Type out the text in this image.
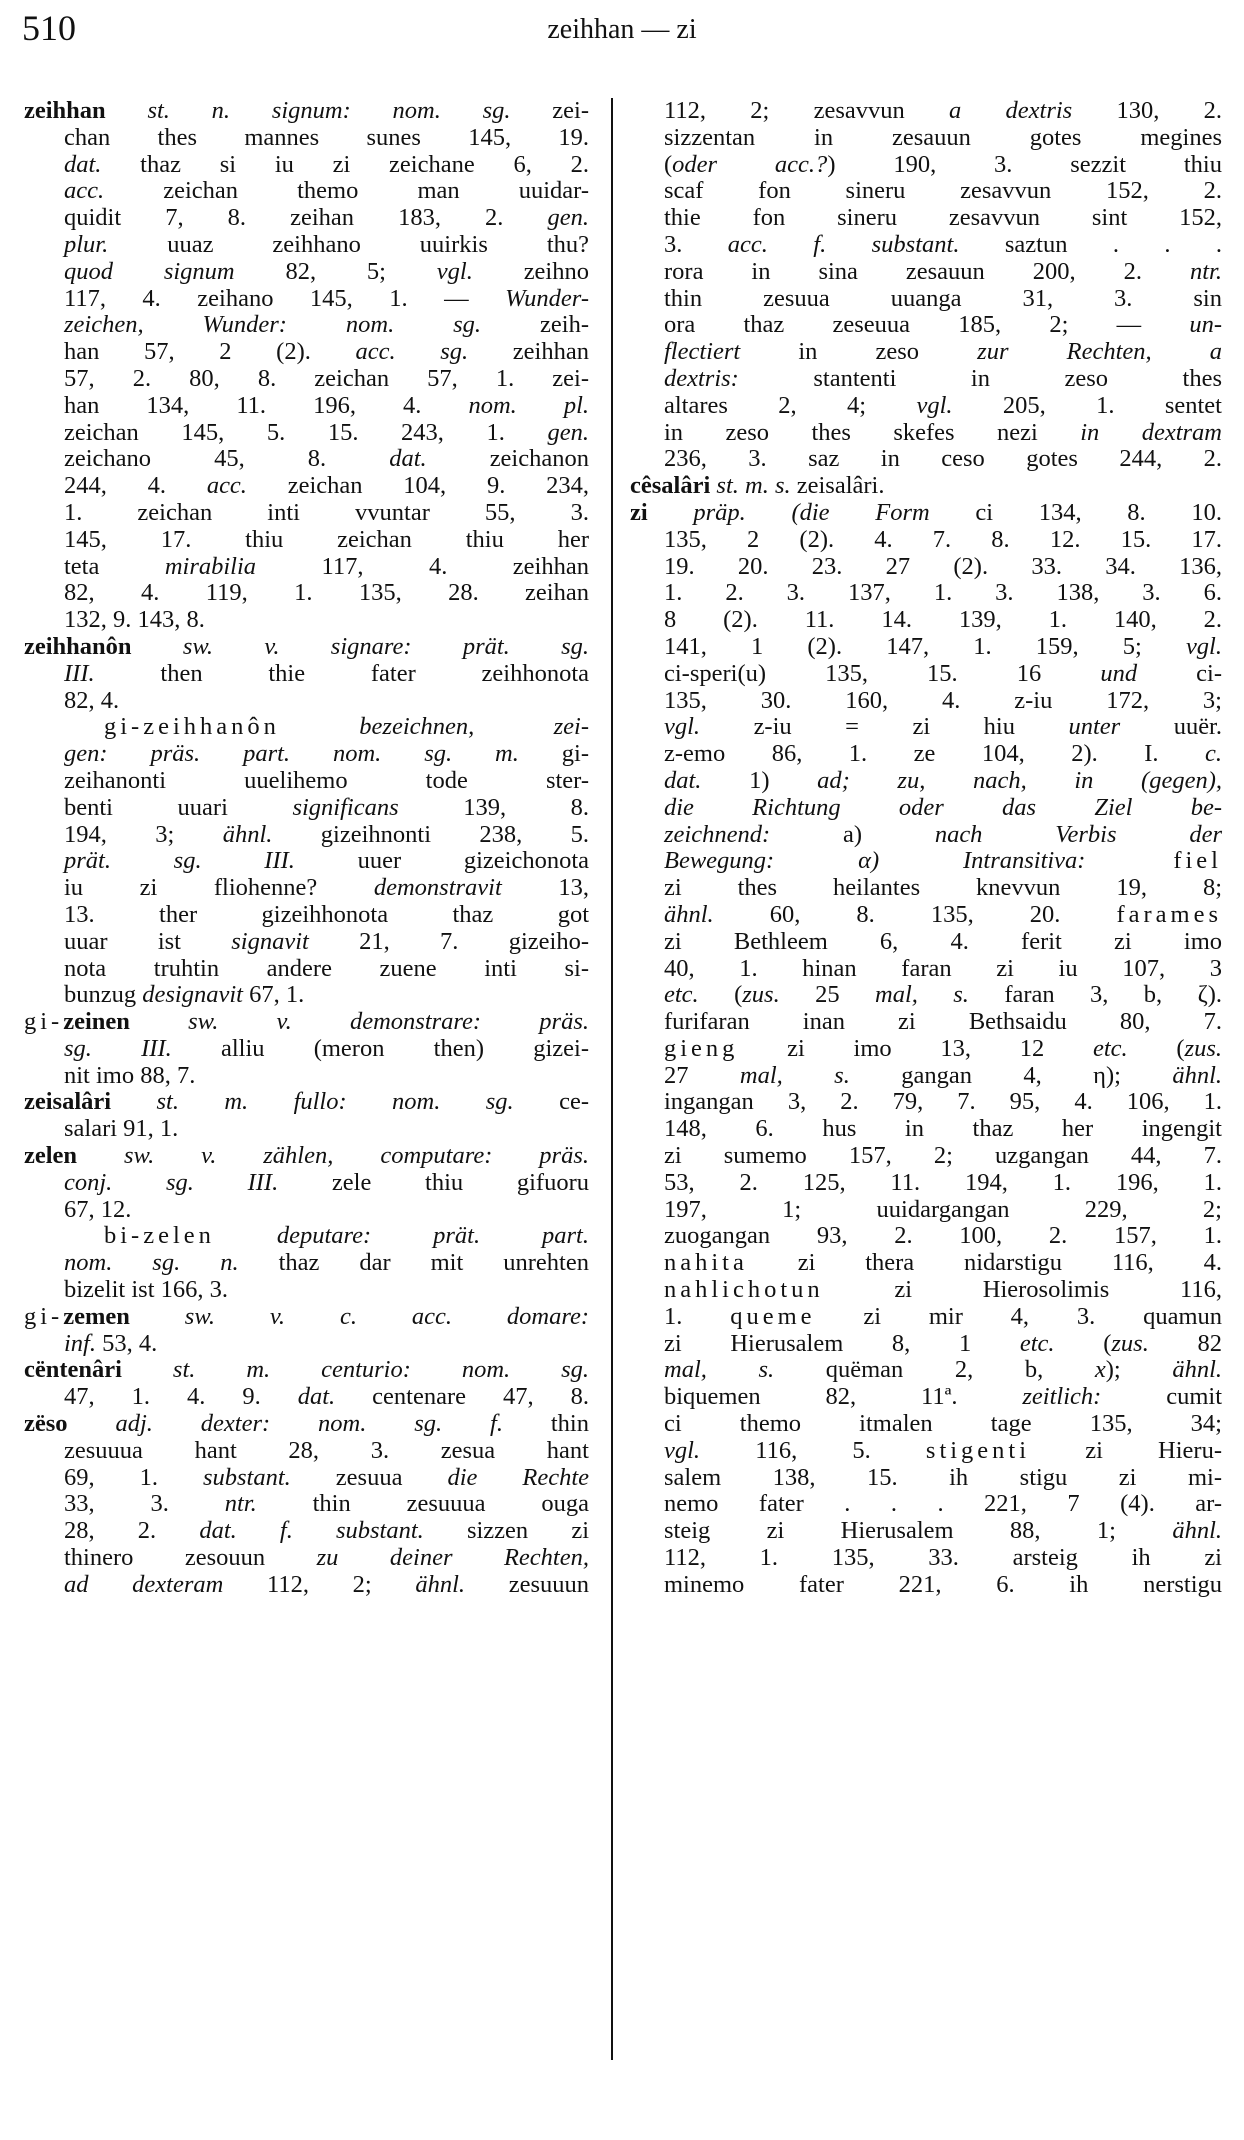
510	zeihhan — zi
zeihhan st. n. signum: nom. sg. zei-
chan thes mannes sunes 145, 19.
dat. thaz si iu zi zeichane 6, 2.
acc. zeichan themo man uuidar-
quidit 7, 8. zeihan 183, 2. gen.
plur. uuaz zeihhano uuirkis thu?
quod signum 82, 5; vgl. zeihno
117, 4. zeihano 145, 1. — Wunder-
zeichen, Wunder: nom. sg. zeih-
han 57, 2 (2). acc. sg. zeihhan
57, 2. 80, 8. zeichan 57, 1. zei-
han 134, 11. 196, 4. nom. pl.
zeichan 145, 5. 15. 243, 1. gen.
zeichano 45, 8. dat. zeichanon
244, 4. acc. zeichan 104, 9. 234,
1. zeichan inti vvuntar 55, 3.
145, 17. thiu zeichan thiu her
teta mirabilia 117, 4. zeihhan
82, 4. 119, 1. 135, 28. zeihan
132, 9. 143, 8.
zeihhanôn sw. v. signare: prät. sg.
III. then thie fater zeihhonota
82, 4.
gi-zeihhanôn bezeichnen, zei-
gen: präs. part. nom. sg. m. gi-
zeihanonti uuelihemo tode ster-
benti uuari significans 139, 8.
194, 3; ähnl. gizeihnonti 238, 5.
prät. sg. III. uuer gizeichonota
iu zi fliohenne? demonstravit 13,
13. ther gizeihhonota thaz got
uuar ist signavit 21, 7. gizeiho-
nota truhtin andere zuene inti si-
bunzug designavit 67, 1.
gi-zeinen sw. v. demonstrare: präs.
sg. III. alliu (meron then) gizei-
nit imo 88, 7.
zeisalâri st. m. fullo: nom. sg. ce-
salari 91, 1.
zelen sw. v. zählen, computare: präs.
conj. sg. III. zele thiu gifuoru
67, 12.
bi-zelen deputare: prät. part.
nom. sg. n. thaz dar mit unrehten
bizelit ist 166, 3.
gi-zemen sw. v. c. acc. domare:
inf. 53, 4.
cëntenâri st. m. centurio: nom. sg.
47, 1. 4. 9. dat. centenare 47, 8.
zëso adj. dexter: nom. sg. f. thin
zesuuua hant 28, 3. zesua hant
69, 1. substant. zesuua die Rechte
33, 3. ntr. thin zesuuua ouga
28, 2. dat. f. substant. sizzen zi
thinero zesouun zu deiner Rechten,
ad dexteram 112, 2; ähnl. zesuuun
112, 2; zesavvun a dextris 130, 2.
sizzentan in zesauun gotes megines
(oder acc.?) 190, 3. sezzit thiu
scaf fon sineru zesavvun 152, 2.
thie fon sineru zesavvun sint 152,
3. acc. f. substant. saztun . . .
rora in sina zesauun 200, 2. ntr.
thin zesuua uuanga 31, 3. sin
ora thaz zeseuua 185, 2; — un-
flectiert in zeso zur Rechten, a
dextris: stantenti in zeso thes
altares 2, 4; vgl. 205, 1. sentet
in zeso thes skefes nezi in dextram
236, 3. saz in ceso gotes 244, 2.
cêsalâri st. m. s. zeisalâri.
zi präp. (die Form ci 134, 8. 10.
135, 2 (2). 4. 7. 8. 12. 15. 17.
19. 20. 23. 27 (2). 33. 34. 136,
1. 2. 3. 137, 1. 3. 138, 3. 6.
8 (2). 11. 14. 139, 1. 140, 2.
141, 1 (2). 147, 1. 159, 5; vgl.
ci-speri(u) 135, 15. 16 und ci-
135, 30. 160, 4. z-iu 172, 3;
vgl. z-iu = zi hiu unter uuër.
z-emo 86, 1. ze 104, 2). I. c.
dat. 1) ad; zu, nach, in (gegen),
die Richtung oder das Ziel be-
zeichnend: a) nach Verbis der
Bewegung: α) Intransitiva: fiel
zi thes heilantes knevvun 19, 8;
ähnl. 60, 8. 135, 20. farames
zi Bethleem 6, 4. ferit zi imo
40, 1. hinan faran zi iu 107, 3
etc. (zus. 25 mal, s. faran 3, b, ζ).
furifaran inan zi Bethsaidu 80, 7.
gieng zi imo 13, 12 etc. (zus.
27 mal, s. gangan 4, η); ähnl.
ingangan 3, 2. 79, 7. 95, 4. 106, 1.
148, 6. hus in thaz her ingengit
zi sumemo 157, 2; uzgangan 44, 7.
53, 2. 125, 11. 194, 1. 196, 1.
197, 1; uuidargangan 229, 2;
zuogangan 93, 2. 100, 2. 157, 1.
nahita zi thera nidarstigu 116, 4.
nahlichotun zi Hierosolimis 116,
1. queme zi mir 4, 3. quamun
zi Hierusalem 8, 1 etc. (zus. 82
mal, s. quëman 2, b, x); ähnl.
biquemen 82, 11ª. zeitlich: cumit
ci themo itmalen tage 135, 34;
vgl. 116, 5. stigenti zi Hieru-
salem 138, 15. ih stigu zi mi-
nemo fater . . . 221, 7 (4). ar-
steig zi Hierusalem 88, 1; ähnl.
112, 1. 135, 33. arsteig ih zi
minemo fater 221, 6. ih nerstigu
